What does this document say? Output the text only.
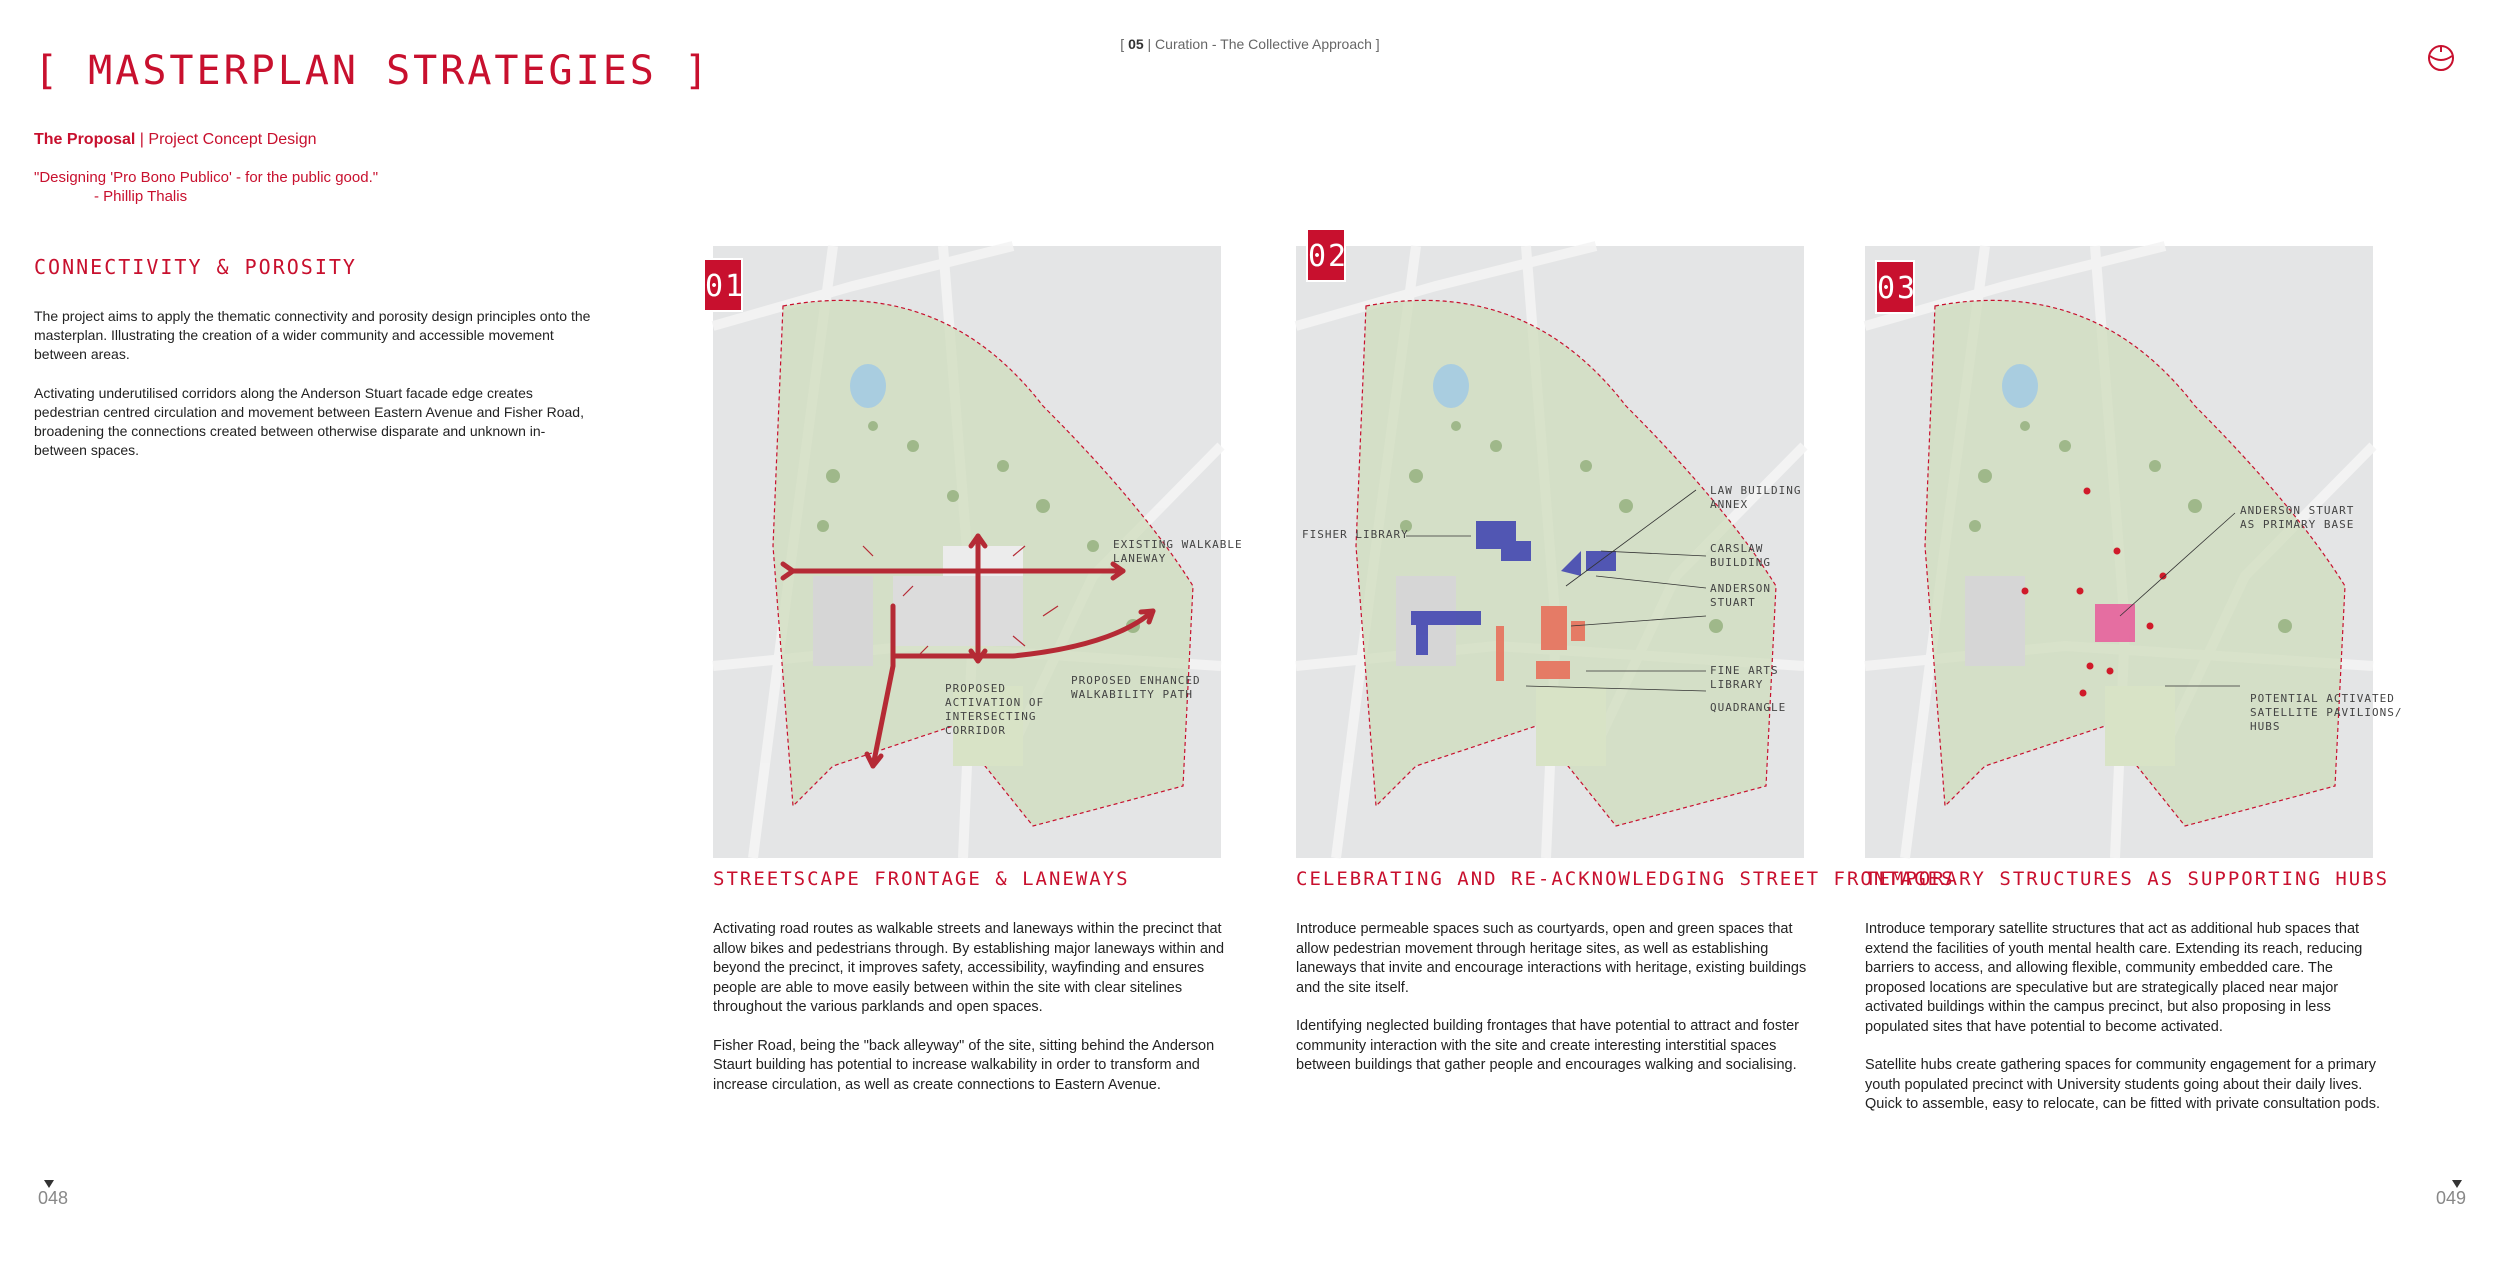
[ 05 | Curation - The Collective Approach ]
[ MASTERPLAN STRATEGIES ]
The Proposal | Project Concept Design
"Designing 'Pro Bono Publico' - for the public good."
- Phillip Thalis
CONNECTIVITY & POROSITY

The project aims to apply the thematic connectivity and porosity design principles onto the masterplan. Illustrating the creation of a wider community and accessible movement between areas.

Activating underutilised corridors along the Anderson Stuart facade edge creates pedestrian centred circulation and movement between Eastern Avenue and Fisher Road, broadening the connections created between otherwise disparate and unknown in-between spaces.

EXISTING WALKABLE
LANEWAY
PROPOSED ENHANCED
WALKABILITY PATH
PROPOSED
ACTIVATION OF
INTERSECTING
CORRIDOR
01
STREETSCAPE FRONTAGE & LANEWAYS

Activating road routes as walkable streets and laneways within the precinct that allow bikes and pedestrians through. By establishing major laneways within and beyond the precinct, it improves safety, accessibility, wayfinding and ensures people are able to move easily between within the site with clear sitelines throughout the various parklands and open spaces.

Fisher Road, being the "back alleyway" of the site, sitting behind the Anderson Staurt building has potential to increase walkability in order to transform and increase circulation, as well as create connections to Eastern Avenue.

FISHER LIBRARY
LAW BUILDING
ANNEX
CARSLAW
BUILDING
ANDERSON
STUART
FINE ARTS
LIBRARY
QUADRANGLE
02
CELEBRATING AND RE-ACKNOWLEDGING STREET FRONTAGES

Introduce permeable spaces such as courtyards, open and green spaces that allow pedestrian movement through heritage sites, as well as establishing laneways that invite and encourage interactions with heritage, existing buildings and the site itself.

Identifying neglected building frontages that have potential to attract and foster community interaction with the site and create interesting interstitial spaces between buildings that gather people and encourages walking and socialising.

ANDERSON STUART
AS PRIMARY BASE
POTENTIAL ACTIVATED
SATELLITE PAVILIONS/
HUBS
03
TEMPORARY STRUCTURES AS SUPPORTING HUBS

Introduce temporary satellite structures that act as additional hub spaces that extend the facilities of youth mental health care. Extending its reach, reducing barriers to access, and allowing flexible, community embedded care. The proposed locations are speculative but are strategically placed near major activated buildings within the campus precinct, but also proposing in less populated sites that have potential to become activated.

Satellite hubs create gathering spaces for community engagement for a primary youth populated precinct with University students going about their daily lives. Quick to assemble, easy to relocate, can be fitted with private consultation pods.

048	049
